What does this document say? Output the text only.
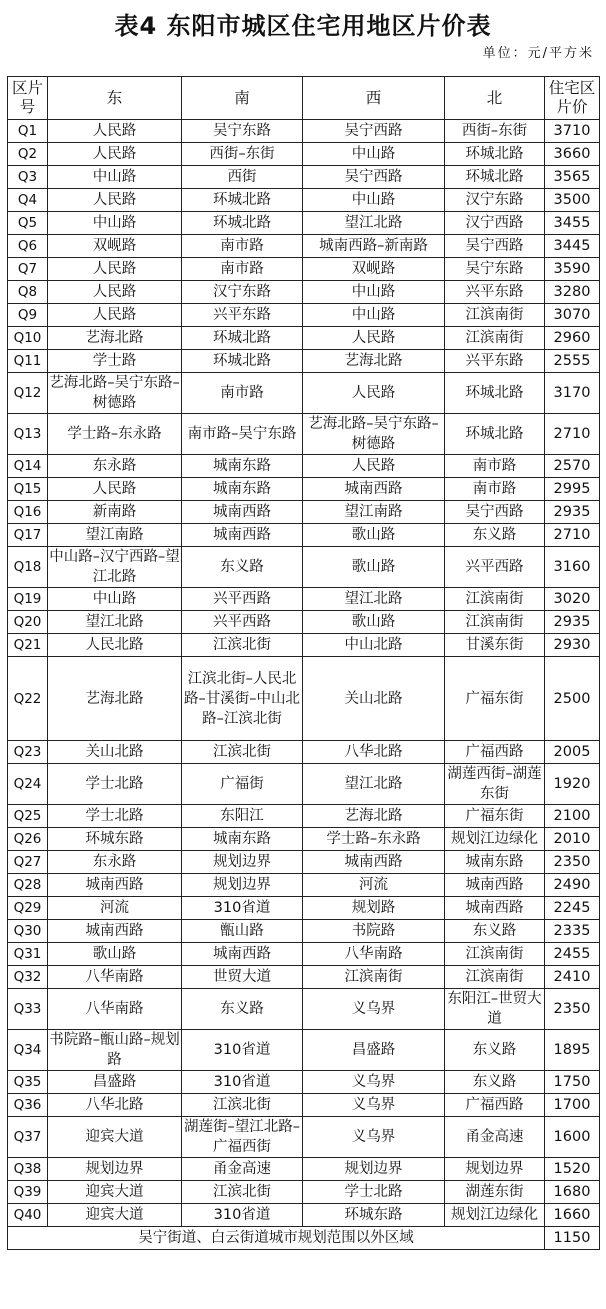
表4 东阳市城区住宅用地区片价表
单位：元/平方米
区片号	东	南	西	北	住宅区片价
Q1	人民路	吴宁东路	吴宁西路	西街–东街	3710
Q2	人民路	西街–东街	中山路	环城北路	3660
Q3	中山路	西街	吴宁西路	环城北路	3565
Q4	人民路	环城北路	中山路	汉宁东路	3500
Q5	中山路	环城北路	望江北路	汉宁西路	3455
Q6	双岘路	南市路	城南西路–新南路	吴宁西路	3445
Q7	人民路	南市路	双岘路	吴宁东路	3590
Q8	人民路	汉宁东路	中山路	兴平东路	3280
Q9	人民路	兴平东路	中山路	江滨南街	3070
Q10	艺海北路	环城北路	人民路	江滨南街	2960
Q11	学士路	环城北路	艺海北路	兴平东路	2555
Q12	艺海北路–吴宁东路–树德路	南市路	人民路	环城北路	3170
Q13	学士路–东永路	南市路–吴宁东路	艺海北路–吴宁东路–树德路	环城北路	2710
Q14	东永路	城南东路	人民路	南市路	2570
Q15	人民路	城南东路	城南西路	南市路	2995
Q16	新南路	城南西路	望江南路	吴宁西路	2935
Q17	望江南路	城南西路	歌山路	东义路	2710
Q18	中山路–汉宁西路–望江北路	东义路	歌山路	兴平西路	3160
Q19	中山路	兴平西路	望江北路	江滨南街	3020
Q20	望江北路	兴平西路	歌山路	江滨南街	2935
Q21	人民北路	江滨北街	中山北路	甘溪东街	2930
Q22	艺海北路	江滨北街–人民北路–甘溪街–中山北路–江滨北街	关山北路	广福东街	2500
Q23	关山北路	江滨北街	八华北路	广福西路	2005
Q24	学士北路	广福街	望江北路	湖莲西街–湖莲东街	1920
Q25	学士北路	东阳江	艺海北路	广福东街	2100
Q26	环城东路	城南东路	学士路–东永路	规划江边绿化	2010
Q27	东永路	规划边界	城南西路	城南东路	2350
Q28	城南西路	规划边界	河流	城南西路	2490
Q29	河流	310省道	规划路	城南西路	2245
Q30	城南西路	甑山路	书院路	东义路	2335
Q31	歌山路	城南西路	八华南路	江滨南街	2455
Q32	八华南路	世贸大道	江滨南街	江滨南街	2410
Q33	八华南路	东义路	义乌界	东阳江–世贸大道	2350
Q34	书院路–甑山路–规划路	310省道	昌盛路	东义路	1895
Q35	昌盛路	310省道	义乌界	东义路	1750
Q36	八华北路	江滨北街	义乌界	广福西路	1700
Q37	迎宾大道	湖莲街–望江北路–广福西街	义乌界	甬金高速	1600
Q38	规划边界	甬金高速	规划边界	规划边界	1520
Q39	迎宾大道	江滨北街	学士北路	湖莲东街	1680
Q40	迎宾大道	310省道	环城东路	规划江边绿化	1660
吴宁街道、白云街道城市规划范围以外区域					1150
